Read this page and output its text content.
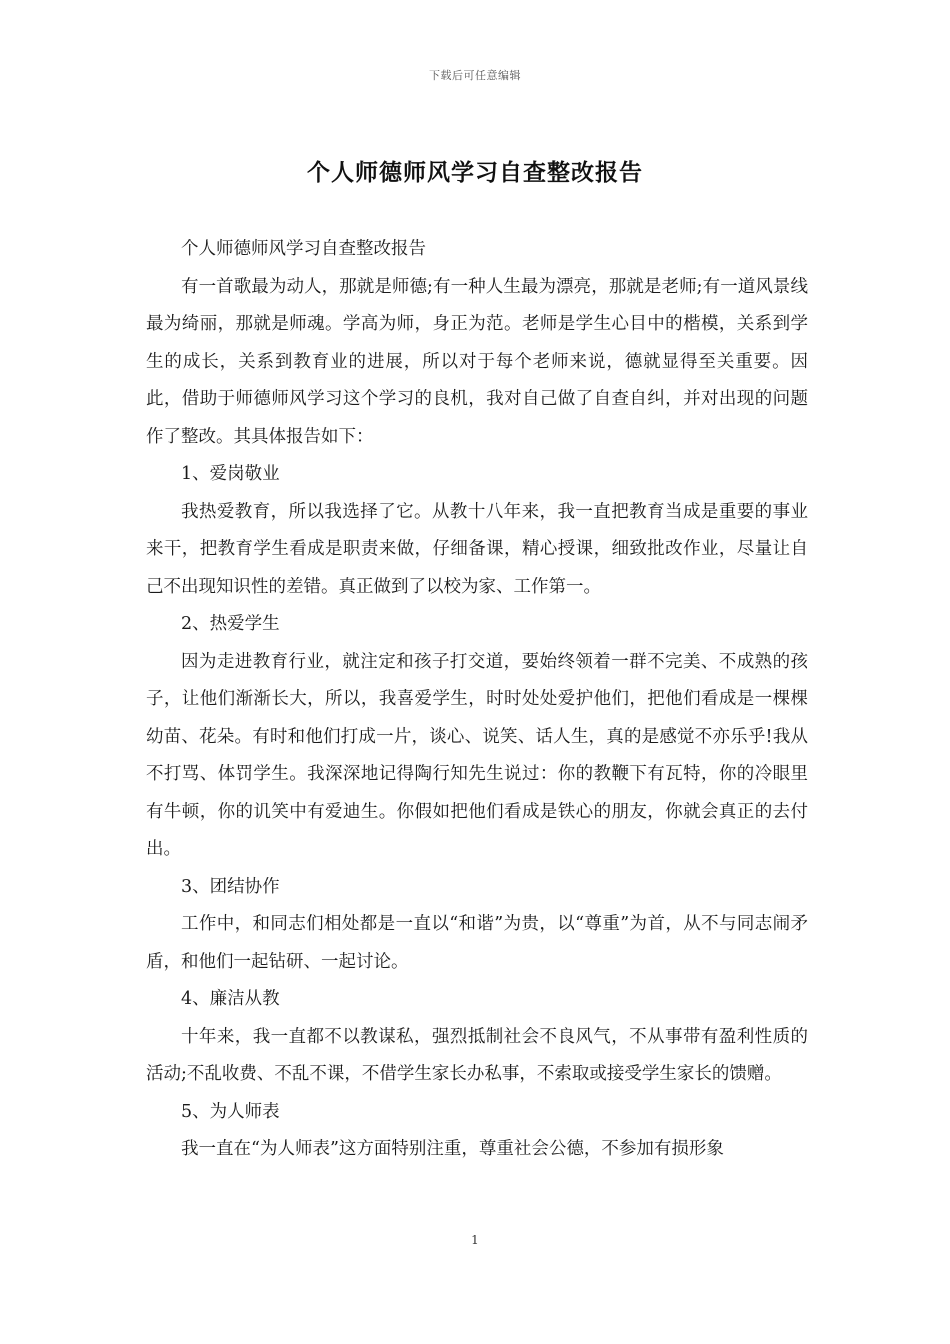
下载后可任意编辑
个人师德师风学习自查整改报告

个人师德师风学习自查整改报告

有一首歌最为动人，那就是师德;有一种人生最为漂亮，那就是老师;有一道风景线最为绮丽，那就是师魂。学高为师，身正为范。老师是学生心目中的楷模，关系到学生的成长，关系到教育业的进展，所以对于每个老师来说，德就显得至关重要。因此，借助于师德师风学习这个学习的良机，我对自己做了自查自纠，并对出现的问题作了整改。其具体报告如下：

1、爱岗敬业

我热爱教育，所以我选择了它。从教十八年来，我一直把教育当成是重要的事业来干，把教育学生看成是职责来做，仔细备课，精心授课，细致批改作业，尽量让自己不出现知识性的差错。真正做到了以校为家、工作第一。

2、热爱学生

因为走进教育行业，就注定和孩子打交道，要始终领着一群不完美、不成熟的孩子，让他们渐渐长大，所以，我喜爱学生，时时处处爱护他们，把他们看成是一棵棵幼苗、花朵。有时和他们打成一片，谈心、说笑、话人生，真的是感觉不亦乐乎!我从不打骂、体罚学生。我深深地记得陶行知先生说过：你的教鞭下有瓦特，你的冷眼里有牛顿，你的讥笑中有爱迪生。你假如把他们看成是铁心的朋友，你就会真正的去付出。

3、团结协作

工作中，和同志们相处都是一直以“和谐”为贵，以“尊重”为首，从不与同志闹矛盾，和他们一起钻研、一起讨论。

4、廉洁从教

十年来，我一直都不以教谋私，强烈抵制社会不良风气，不从事带有盈利性质的活动;不乱收费、不乱不课，不借学生家长办私事，不索取或接受学生家长的馈赠。

5、为人师表

我一直在“为人师表”这方面特别注重，尊重社会公德，不参加有损形象

1
